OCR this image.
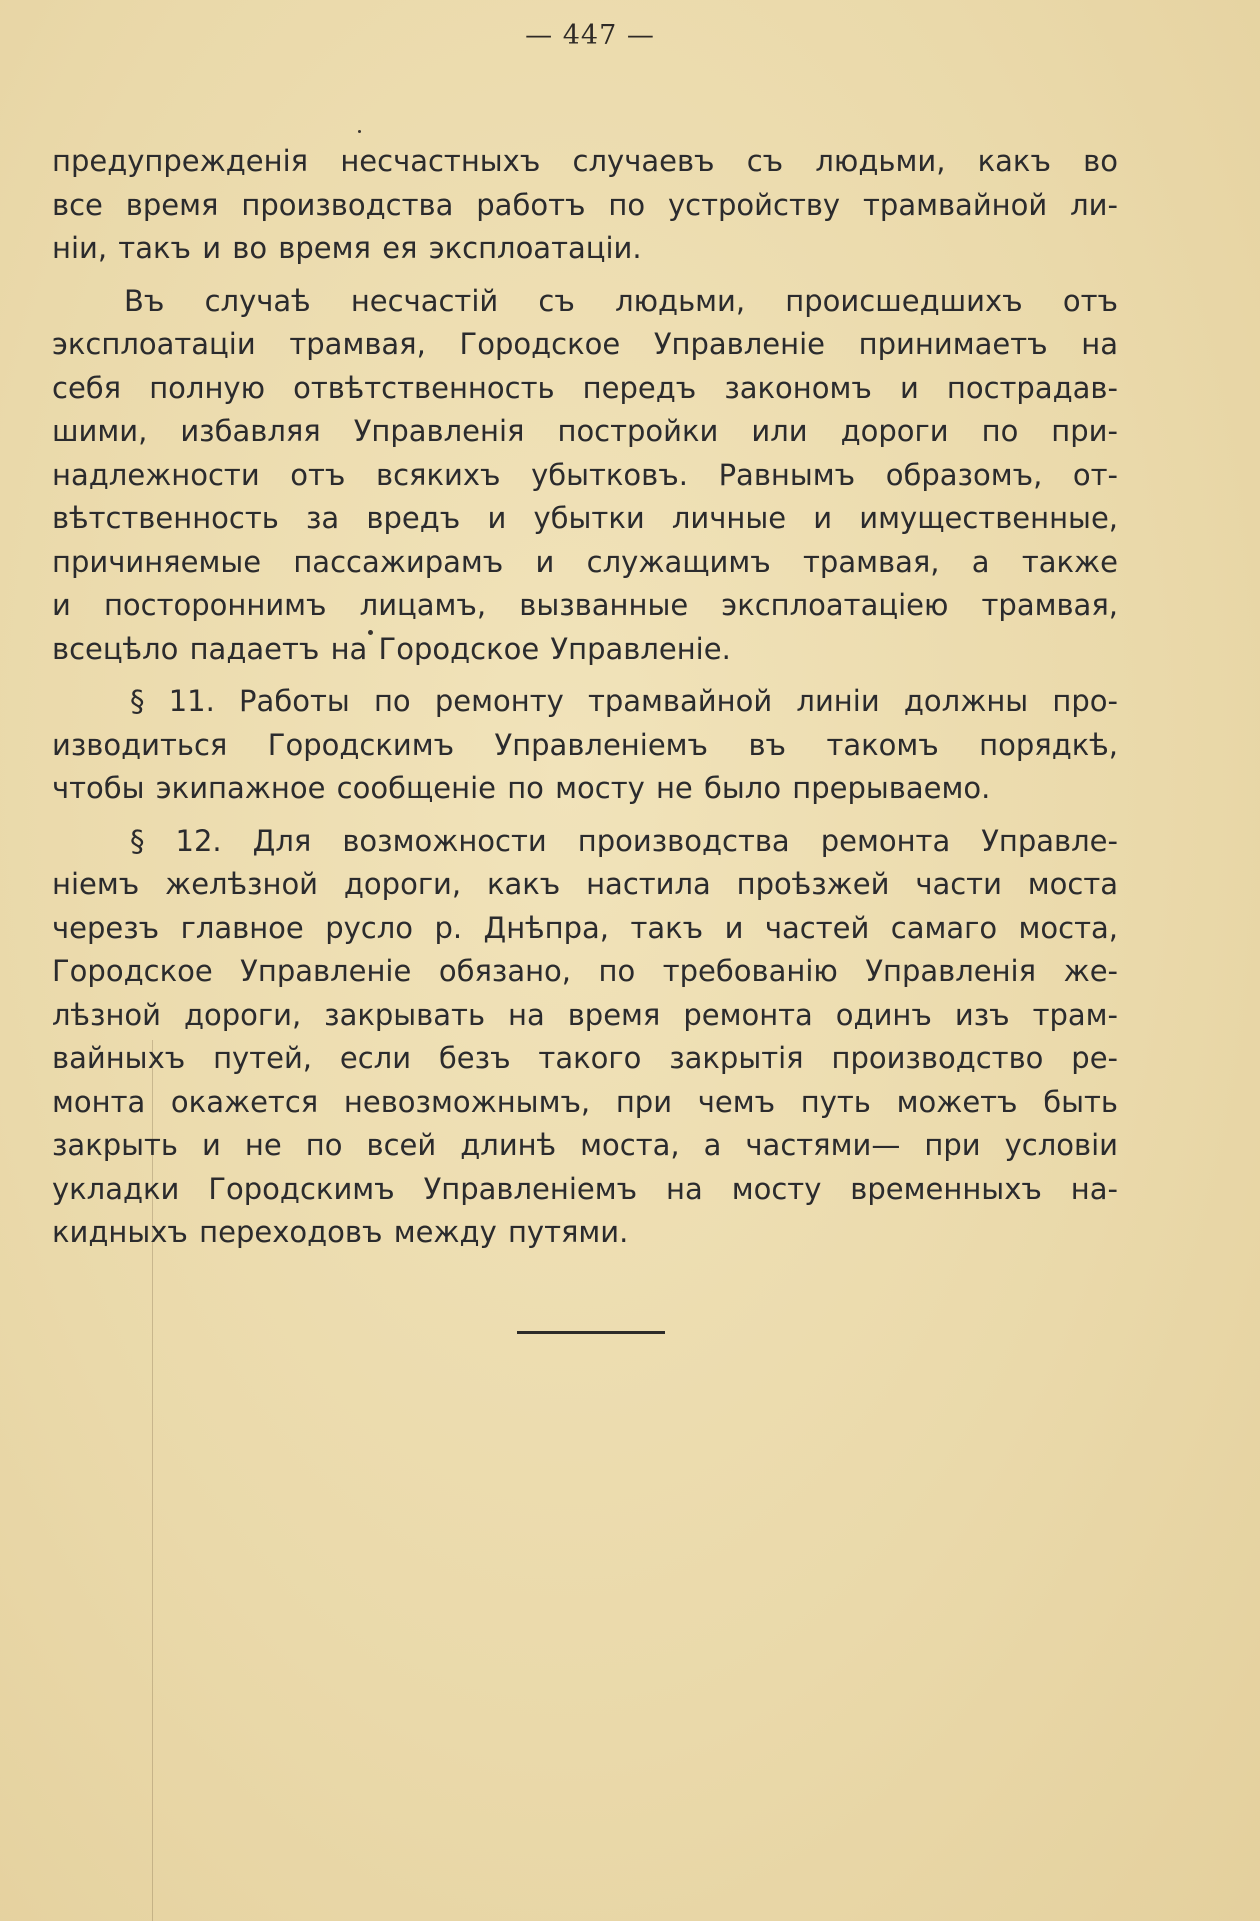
— 447 —
предупрежденія несчастныхъ случаевъ съ людьми, какъ во
все время производства работъ по устройству трамвайной ли-
ніи, такъ и во время ея эксплоатаціи.
Въ случаѣ несчастій съ людьми, происшедшихъ отъ
эксплоатаціи трамвая, Городское Управленіе принимаетъ на
себя полную отвѣтственность передъ закономъ и пострадав-
шими, избавляя Управленія постройки или дороги по при-
надлежности отъ всякихъ убытковъ. Равнымъ образомъ, от-
вѣтственность за вредъ и убытки личные и имущественные,
причиняемые пассажирамъ и служащимъ трамвая, а также
и постороннимъ лицамъ, вызванные эксплоатаціею трамвая,
всецѣло падаетъ на Городское Управленіе.
§ 11. Работы по ремонту трамвайной линіи должны про-
изводиться Городскимъ Управленіемъ въ такомъ порядкѣ,
чтобы экипажное сообщеніе по мосту не было прерываемо.
§ 12. Для возможности производства ремонта Управле-
ніемъ желѣзной дороги, какъ настила проѣзжей части моста
черезъ главное русло р. Днѣпра, такъ и частей самаго моста,
Городское Управленіе обязано, по требованію Управленія же-
лѣзной дороги, закрывать на время ремонта одинъ изъ трам-
вайныхъ путей, если безъ такого закрытія производство ре-
монта окажется невозможнымъ, при чемъ путь можетъ быть
закрыть и не по всей длинѣ моста, а частями— при условіи
укладки Городскимъ Управленіемъ на мосту временныхъ на-
кидныхъ переходовъ между путями.
